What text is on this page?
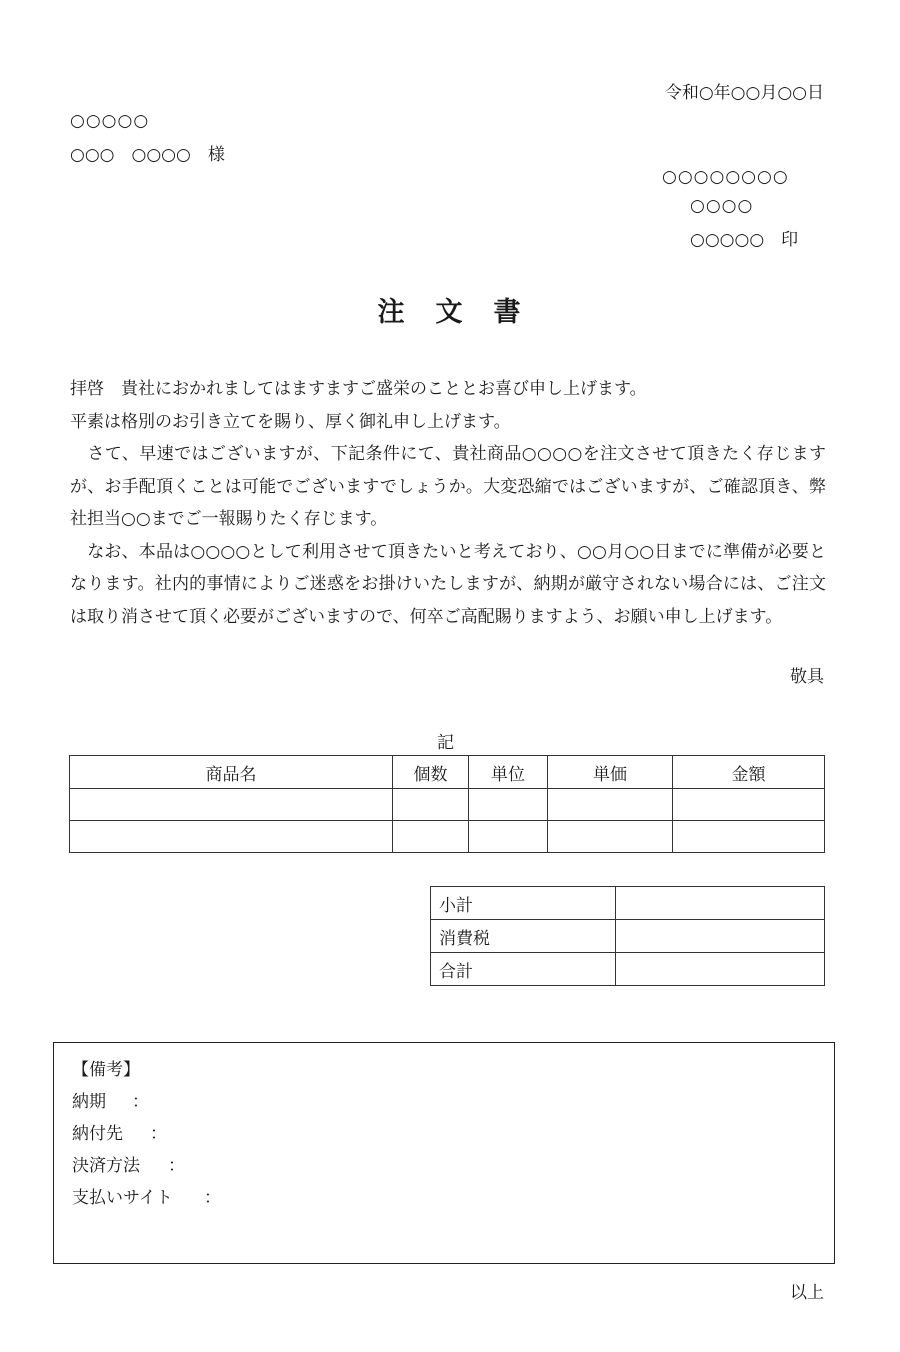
令和○年○○月○○日
○○○○○
○○○　○○○○　様
○○○○○○○○
○○○○
○○○○○　印
注　文　書

拝啓　貴社におかれましてはますますご盛栄のこととお喜び申し上げます。

平素は格別のお引き立てを賜り、厚く御礼申し上げます。

　さて、早速ではございますが、下記条件にて、貴社商品○○○○を注文させて頂きたく存じますが、お手配頂くことは可能でございますでしょうか。大変恐縮ではございますが、ご確認頂き、弊社担当○○までご一報賜りたく存じます。

　なお、本品は○○○○として利用させて頂きたいと考えており、○○月○○日までに準備が必要となります。社内的事情によりご迷惑をお掛けいたしますが、納期が厳守されない場合には、ご注文は取り消させて頂く必要がございますので、何卒ご高配賜りますよう、お願い申し上げます。

敬具
記
商品名	個数	単位	単価	金額

小計	
消費税	
合計	
【備考】
納期 ：
納付先 ：
決済方法 ：
支払いサイト ：
以上
